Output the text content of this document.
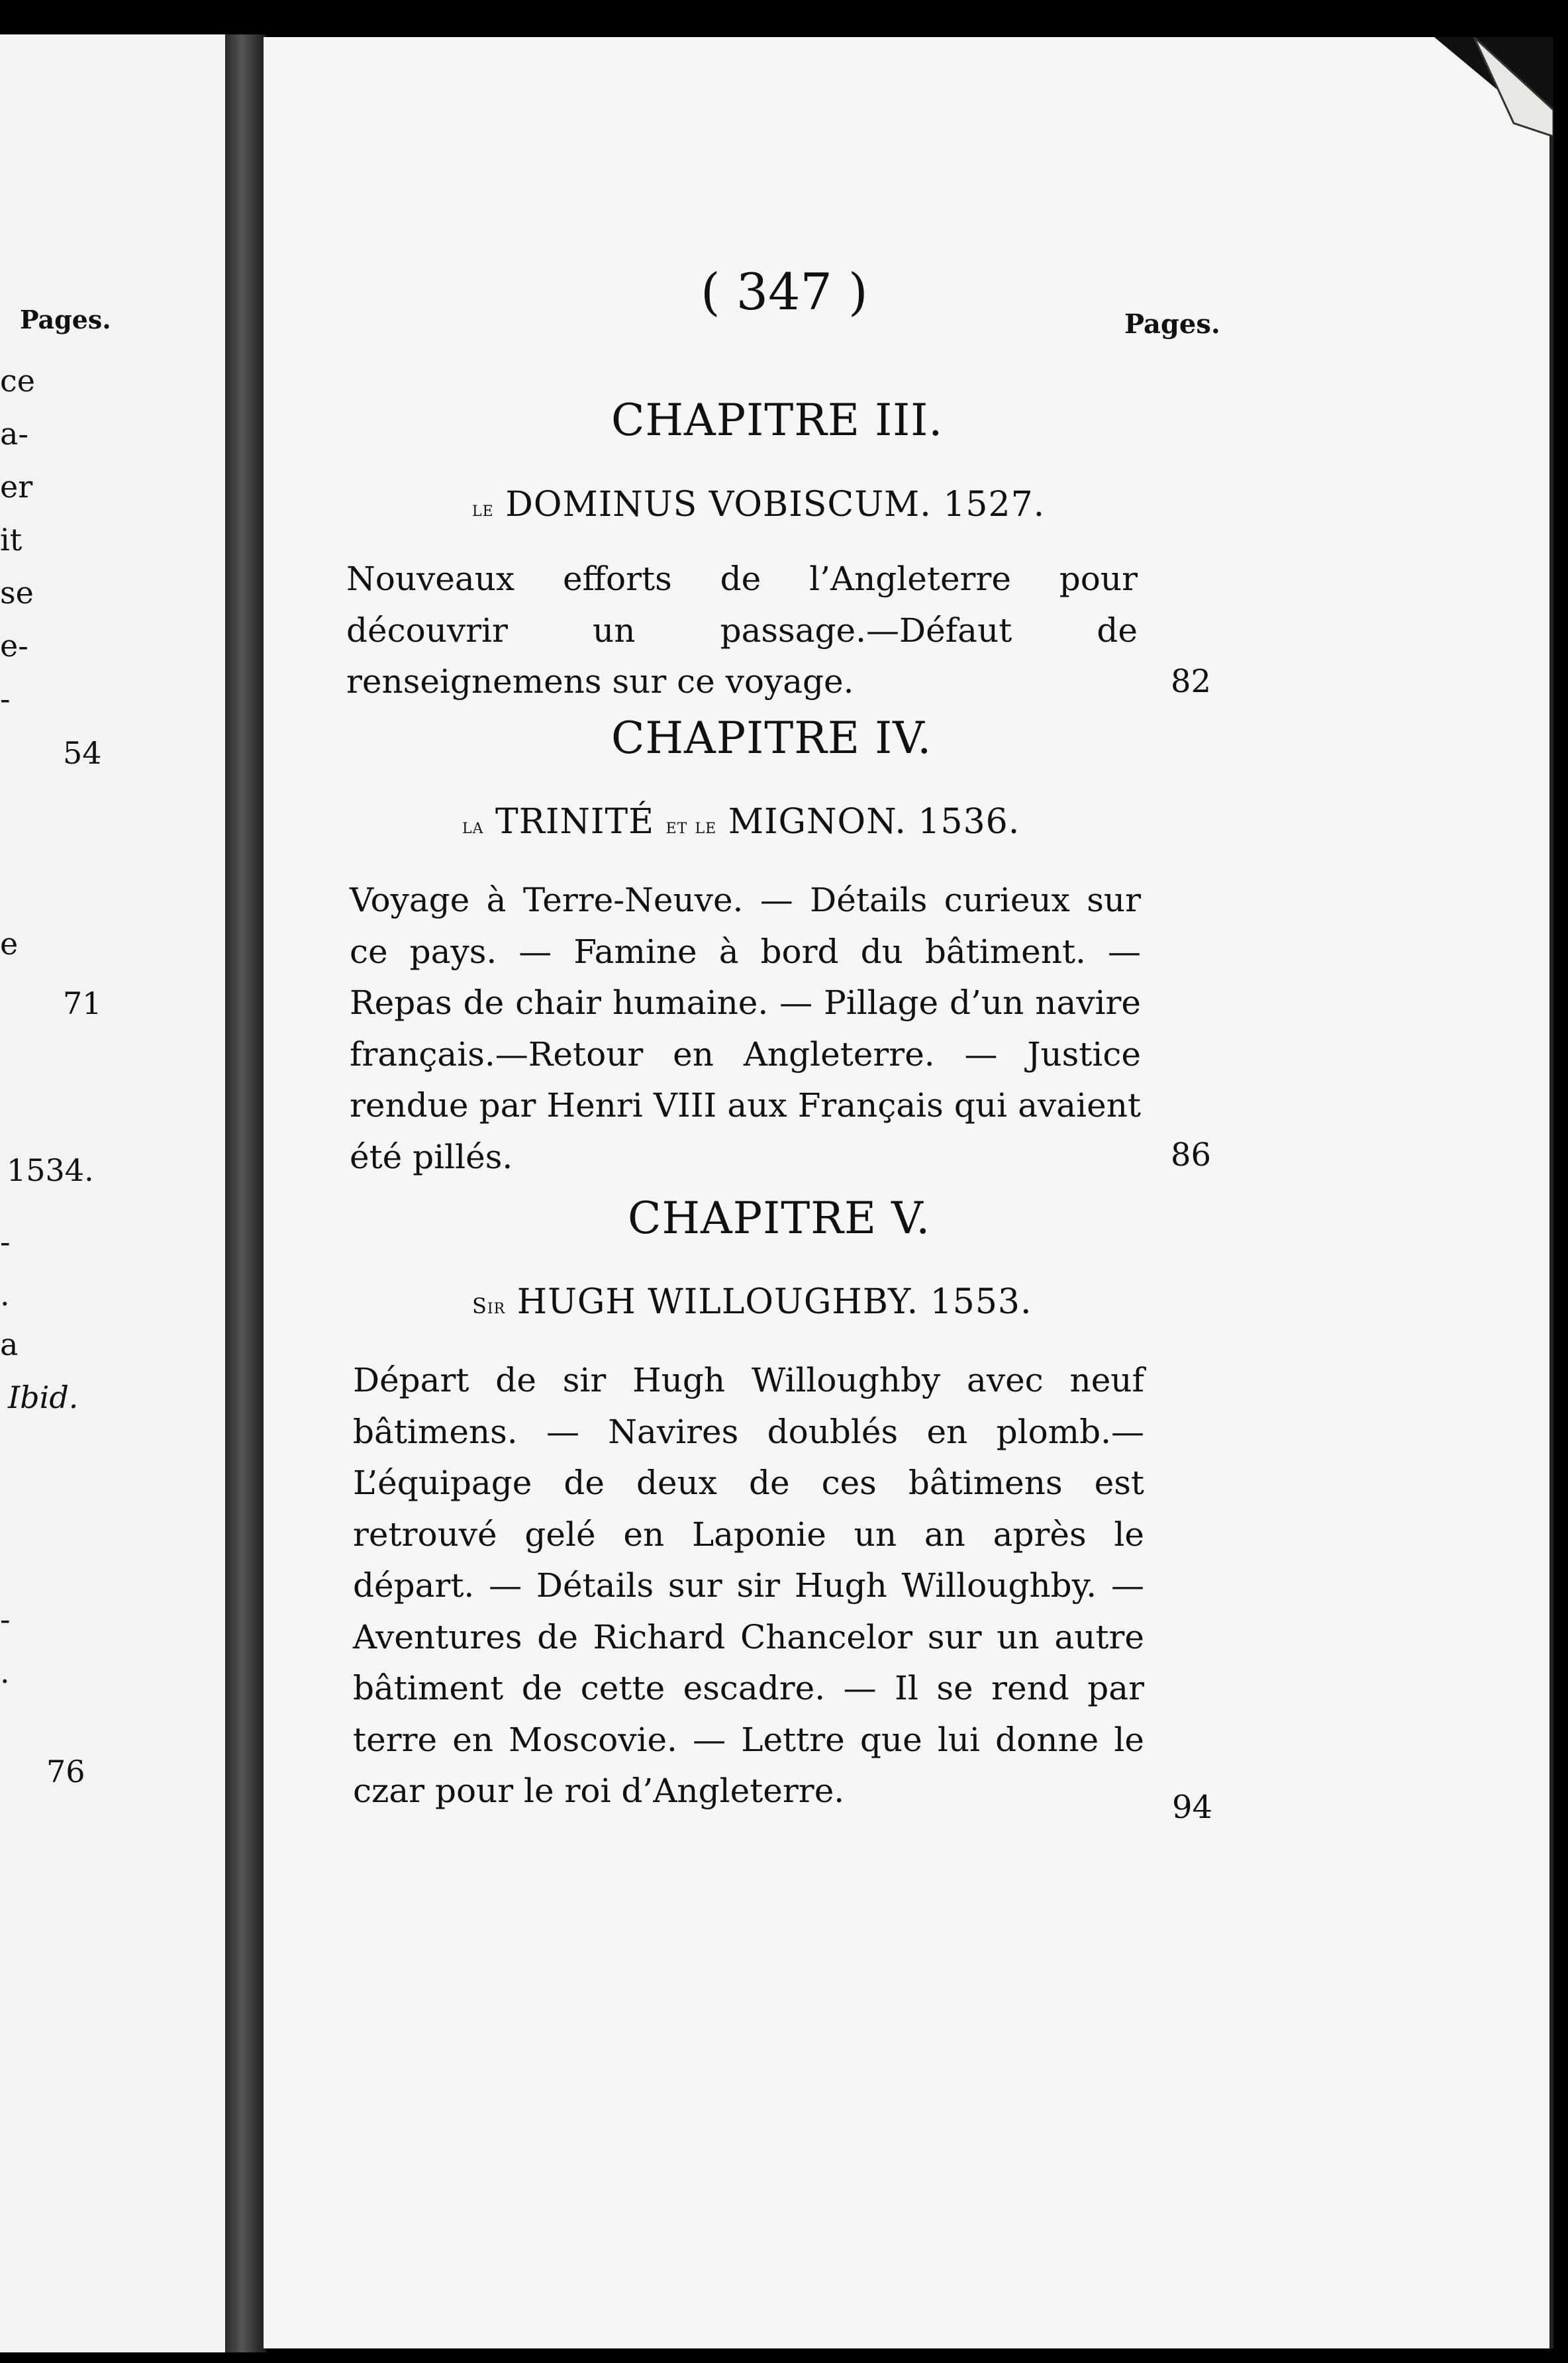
Pages.
ce
a-
er
it
se
e-
-
54
e
71
1534.
-
.
a
Ibid.
-
.
76
( 347 )
Pages.
CHAPITRE III.
le DOMINUS VOBISCUM. 1527.

Nouveaux efforts de l’Angleterre pour découvrir un passage.—Défaut de renseignemens sur ce voyage.	82
CHAPITRE IV.
la TRINITÉ et le MIGNON. 1536.

Voyage à Terre-Neuve. — Détails curieux sur ce pays. — Famine à bord du bâtiment. — Repas de chair humaine. — Pillage d’un navire français.—Retour en Angleterre. — Justice rendue par Henri VIII aux Français qui avaient été pillés.	86
CHAPITRE V.
Sir HUGH WILLOUGHBY. 1553.

Départ de sir Hugh Willoughby avec neuf bâtimens. — Navires doublés en plomb.—L’équipage de deux de ces bâtimens est retrouvé gelé en Laponie un an après le départ. — Détails sur sir Hugh Willoughby. —Aventures de Richard Chancelor sur un autre bâtiment de cette escadre. — Il se rend par terre en Moscovie. — Lettre que lui donne le czar pour le roi d’Angleterre.	94
